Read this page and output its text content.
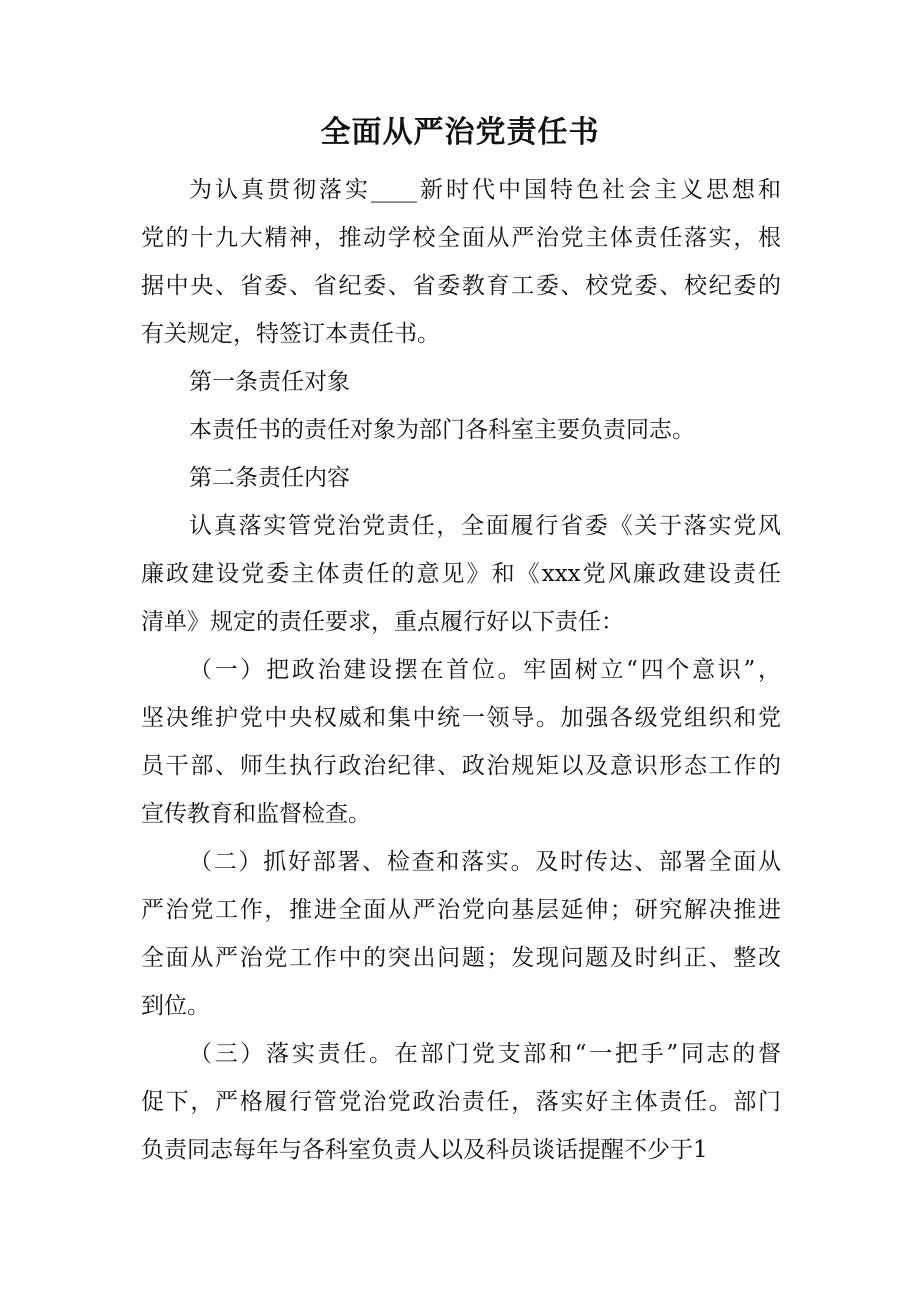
全面从严治党责任书
为认真贯彻落实____新时代中国特色社会主义思想和
党的十九大精神，推动学校全面从严治党主体责任落实，根
据中央、省委、省纪委、省委教育工委、校党委、校纪委的
有关规定，特签订本责任书。
第一条责任对象
本责任书的责任对象为部门各科室主要负责同志。
第二条责任内容
认真落实管党治党责任，全面履行省委《关于落实党风
廉政建设党委主体责任的意见》和《xxx党风廉政建设责任
清单》规定的责任要求，重点履行好以下责任：
（一）把政治建设摆在首位。牢固树立“四个意识”，
坚决维护党中央权威和集中统一领导。加强各级党组织和党
员干部、师生执行政治纪律、政治规矩以及意识形态工作的
宣传教育和监督检查。
（二）抓好部署、检查和落实。及时传达、部署全面从
严治党工作，推进全面从严治党向基层延伸；研究解决推进
全面从严治党工作中的突出问题；发现问题及时纠正、整改
到位。
（三）落实责任。在部门党支部和“一把手”同志的督
促下，严格履行管党治党政治责任，落实好主体责任。部门
负责同志每年与各科室负责人以及科员谈话提醒不少于1
